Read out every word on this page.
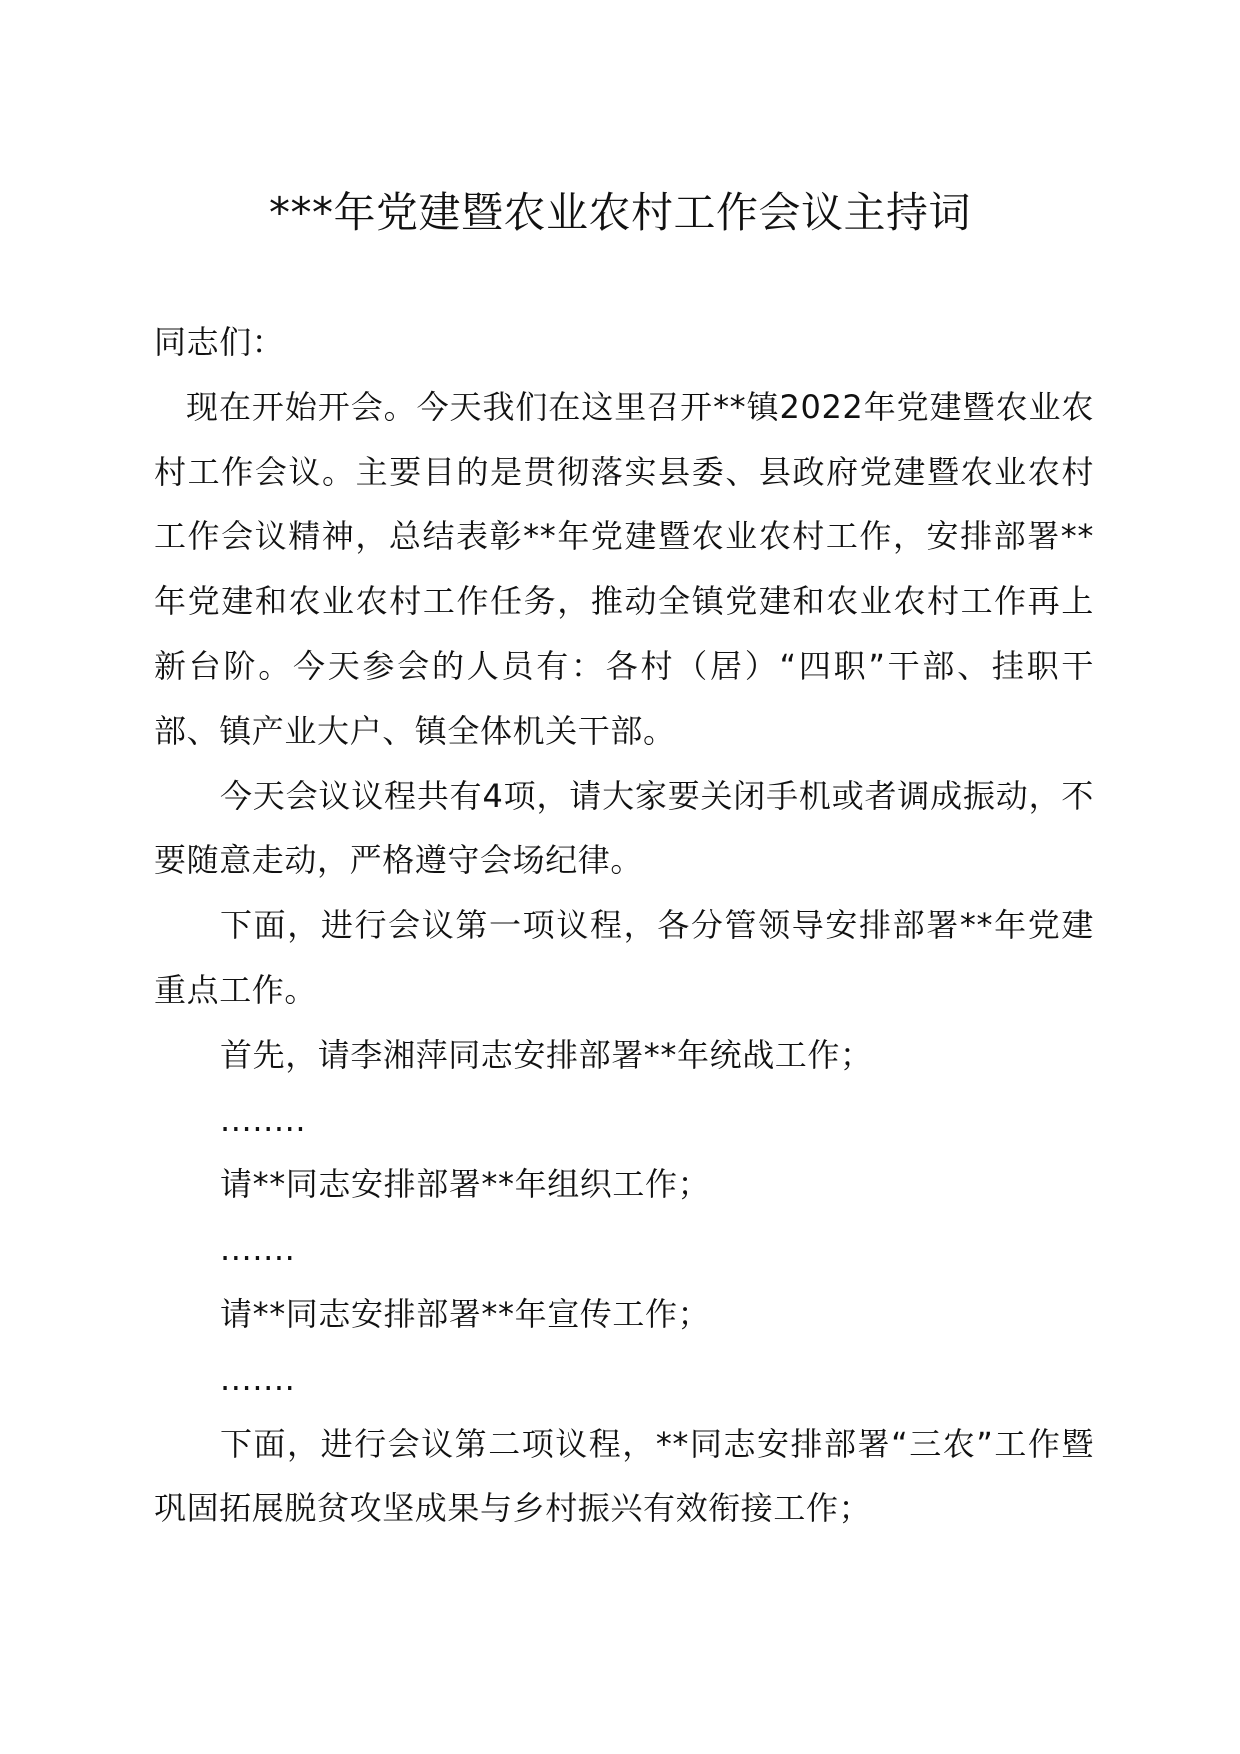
***年党建暨农业农村工作会议主持词

同志们：

现在开始开会。今天我们在这里召开**镇2022年党建暨农业农村工作会议。主要目的是贯彻落实县委、县政府党建暨农业农村工作会议精神，总结表彰**年党建暨农业农村工作，安排部署**年党建和农业农村工作任务，推动全镇党建和农业农村工作再上新台阶。今天参会的人员有：各村（居）“四职”干部、挂职干部、镇产业大户、镇全体机关干部。

今天会议议程共有4项，请大家要关闭手机或者调成振动，不要随意走动，严格遵守会场纪律。

下面，进行会议第一项议程，各分管领导安排部署**年党建重点工作。

首先，请李湘萍同志安排部署**年统战工作；

........

请**同志安排部署**年组织工作；

.......

请**同志安排部署**年宣传工作；

.......

下面，进行会议第二项议程，**同志安排部署“三农”工作暨巩固拓展脱贫攻坚成果与乡村振兴有效衔接工作；
